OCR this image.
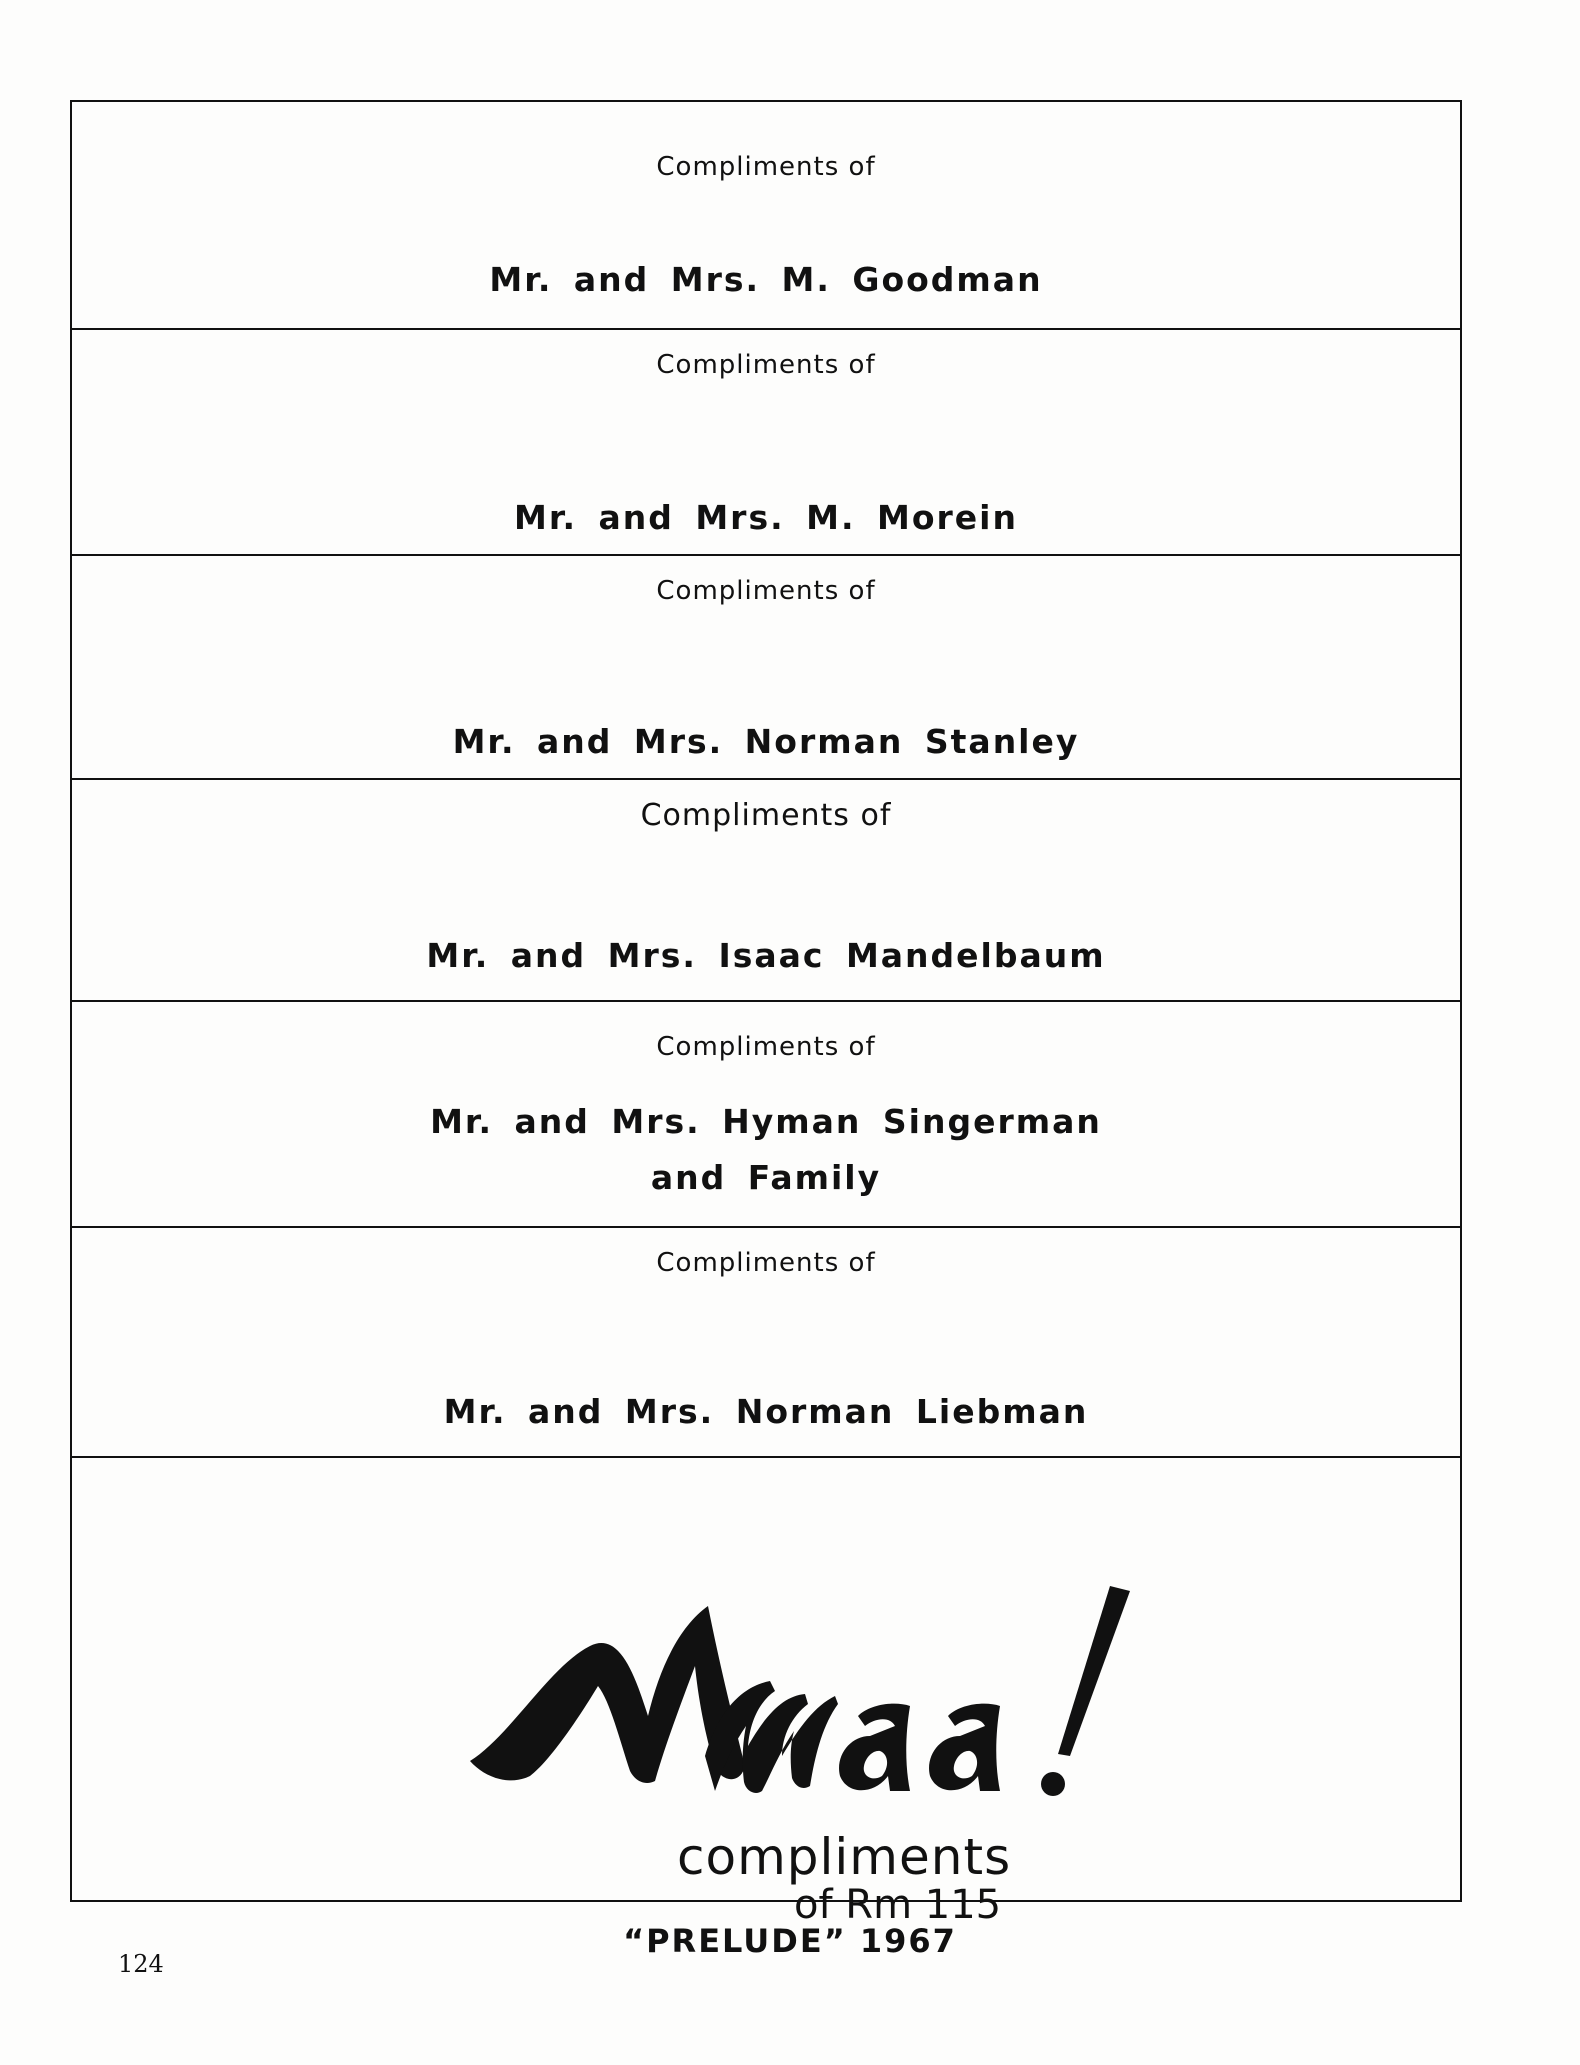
Compliments of
Mr. and Mrs. M. Goodman
Compliments of
Mr. and Mrs. M. Morein
Compliments of
Mr. and Mrs. Norman Stanley
Compliments of
Mr. and Mrs. Isaac Mandelbaum
Compliments of
Mr. and Mrs. Hyman Singerman
and Family
Compliments of
Mr. and Mrs. Norman Liebman
compliments
of Rm 115
“PRELUDE” 1967
124
